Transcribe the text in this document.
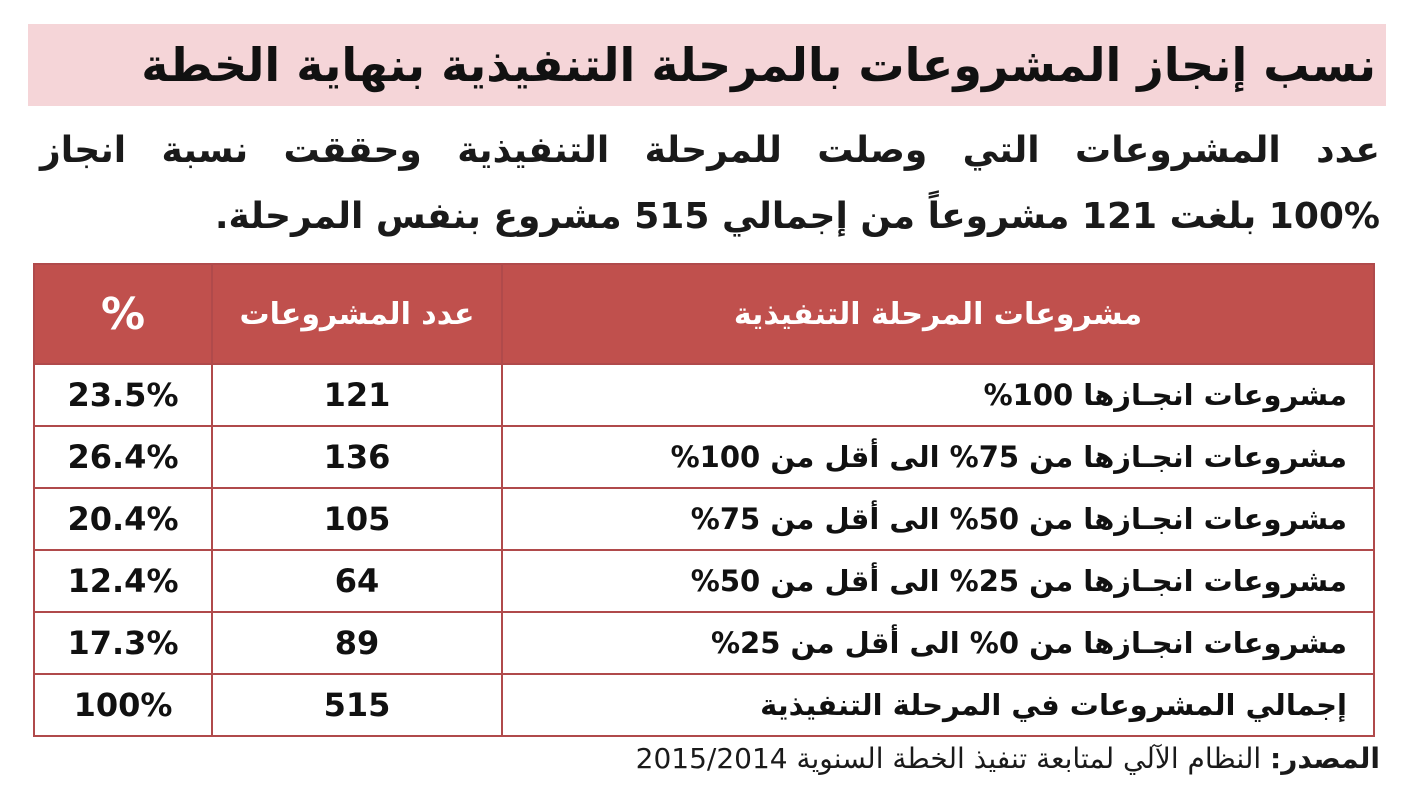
نسب إنجاز المشروعات بالمرحلة التنفيذية بنهاية الخطة
عدد المشروعات التي وصلت للمرحلة التنفيذية وحققت نسبة انجاز
100% بلغت 121 مشروعاً من إجمالي 515 مشروع بنفس المرحلة.
مشروعات المرحلة التنفيذية	عدد المشروعات	%
مشروعات انجـازها 100%	121	23.5%
مشروعات انجـازها من 75% الى أقل من 100%	136	26.4%
مشروعات انجـازها من 50% الى أقل من 75%	105	20.4%
مشروعات انجـازها من 25% الى أقل من 50%	64	12.4%
مشروعات انجـازها من 0% الى أقل من 25%	89	17.3%
إجمالي المشروعات في المرحلة التنفيذية	515	100%
المصدر: النظام الآلي لمتابعة تنفيذ الخطة السنوية 2015/2014
